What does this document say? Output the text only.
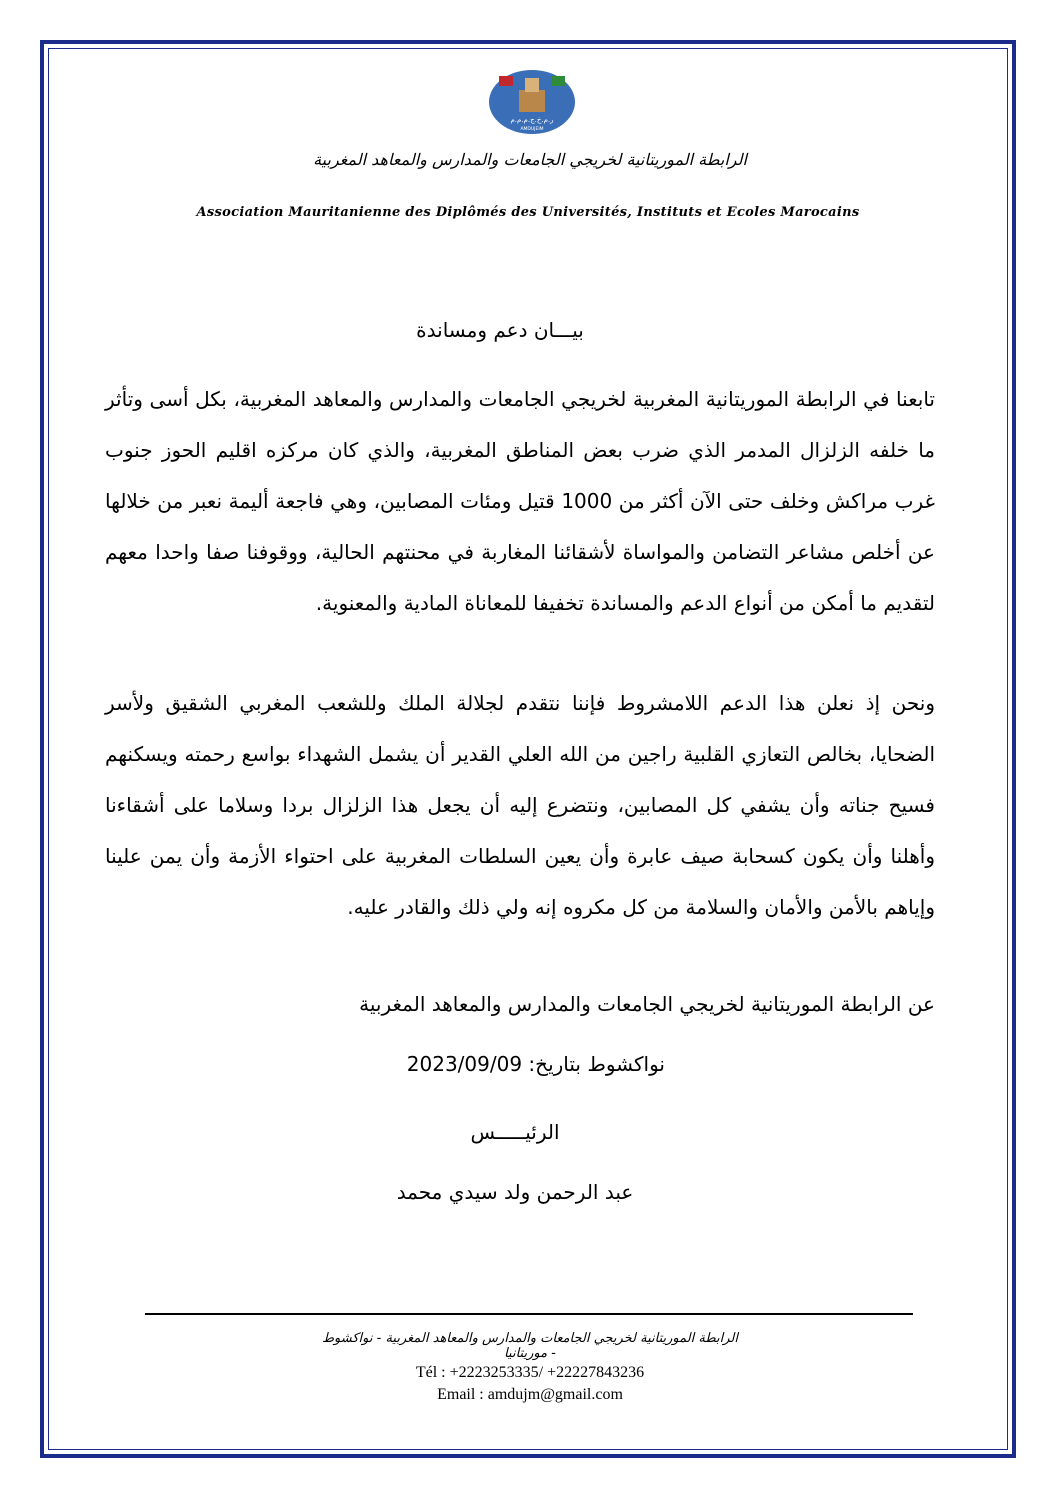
ر.م.خ.ج.م.م.م
AMDUJEIM
الرابطة الموريتانية لخريجي الجامعات والمدارس والمعاهد المغربية
Association Mauritanienne des Diplômés des Universités, Instituts et Ecoles Marocains
بيـــان دعم ومساندة
تابعنا في الرابطة الموريتانية المغربية لخريجي الجامعات والمدارس والمعاهد المغربية، بكل أسى وتأثر ما خلفه الزلزال المدمر الذي ضرب بعض المناطق المغربية، والذي كان مركزه اقليم الحوز جنوب غرب مراكش وخلف حتى الآن أكثر من 1000 قتيل ومئات المصابين، وهي فاجعة أليمة نعبر من خلالها عن أخلص مشاعر التضامن والمواساة لأشقائنا المغاربة في محنتهم الحالية، ووقوفنا صفا واحدا معهم لتقديم ما أمكن من أنواع الدعم والمساندة تخفيفا للمعاناة المادية والمعنوية.
ونحن إذ نعلن هذا الدعم اللامشروط فإننا نتقدم لجلالة الملك وللشعب المغربي الشقيق ولأسر الضحايا، بخالص التعازي القلبية راجين من الله العلي القدير أن يشمل الشهداء بواسع رحمته ويسكنهم فسيح جناته وأن يشفي كل المصابين، ونتضرع إليه أن يجعل هذا الزلزال بردا وسلاما على أشقاءنا وأهلنا وأن يكون كسحابة صيف عابرة وأن يعين السلطات المغربية على احتواء الأزمة وأن يمن علينا وإياهم بالأمن والأمان والسلامة من كل مكروه إنه ولي ذلك والقادر عليه.
عن الرابطة الموريتانية لخريجي الجامعات والمدارس والمعاهد المغربية
نواكشوط بتاريخ: 2023/09/09
الرئيـــــس
عبد الرحمن ولد سيدي محمد
الرابطة الموريتانية لخريجي الجامعات والمدارس والمعاهد المغربية - نواكشوط - موريتانيا
Tél : +2223253335/ +22227843236
Email : amdujm@gmail.com
